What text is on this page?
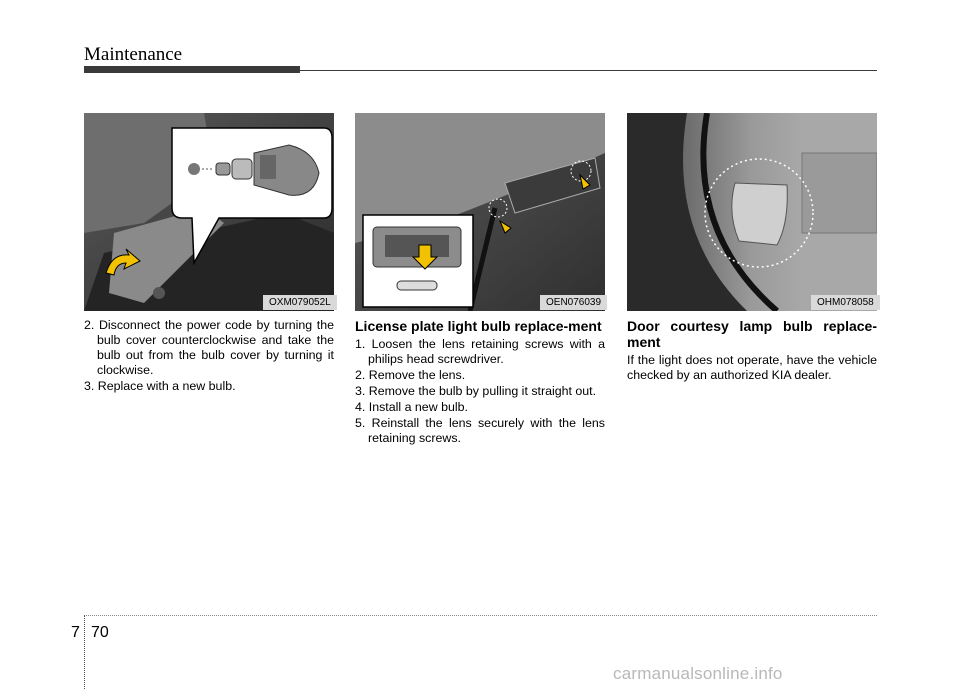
Maintenance
OXM079052L	OEN076039	OHM078058
2. Disconnect the power code by turning the bulb cover counterclockwise and take the bulb out from the bulb cover by turning it clockwise.
3. Replace with a new bulb.
License plate light bulb replace-ment
1. Loosen the lens retaining screws with a philips head screwdriver.
2. Remove the lens.
3. Remove the bulb by pulling it straight out.
4. Install a new bulb.
5. Reinstall the lens securely with the lens retaining screws.
Door courtesy lamp bulb replace-ment

If the light does not operate, have the vehicle checked by an authorized KIA dealer.

7 70
carmanualsonline.info
